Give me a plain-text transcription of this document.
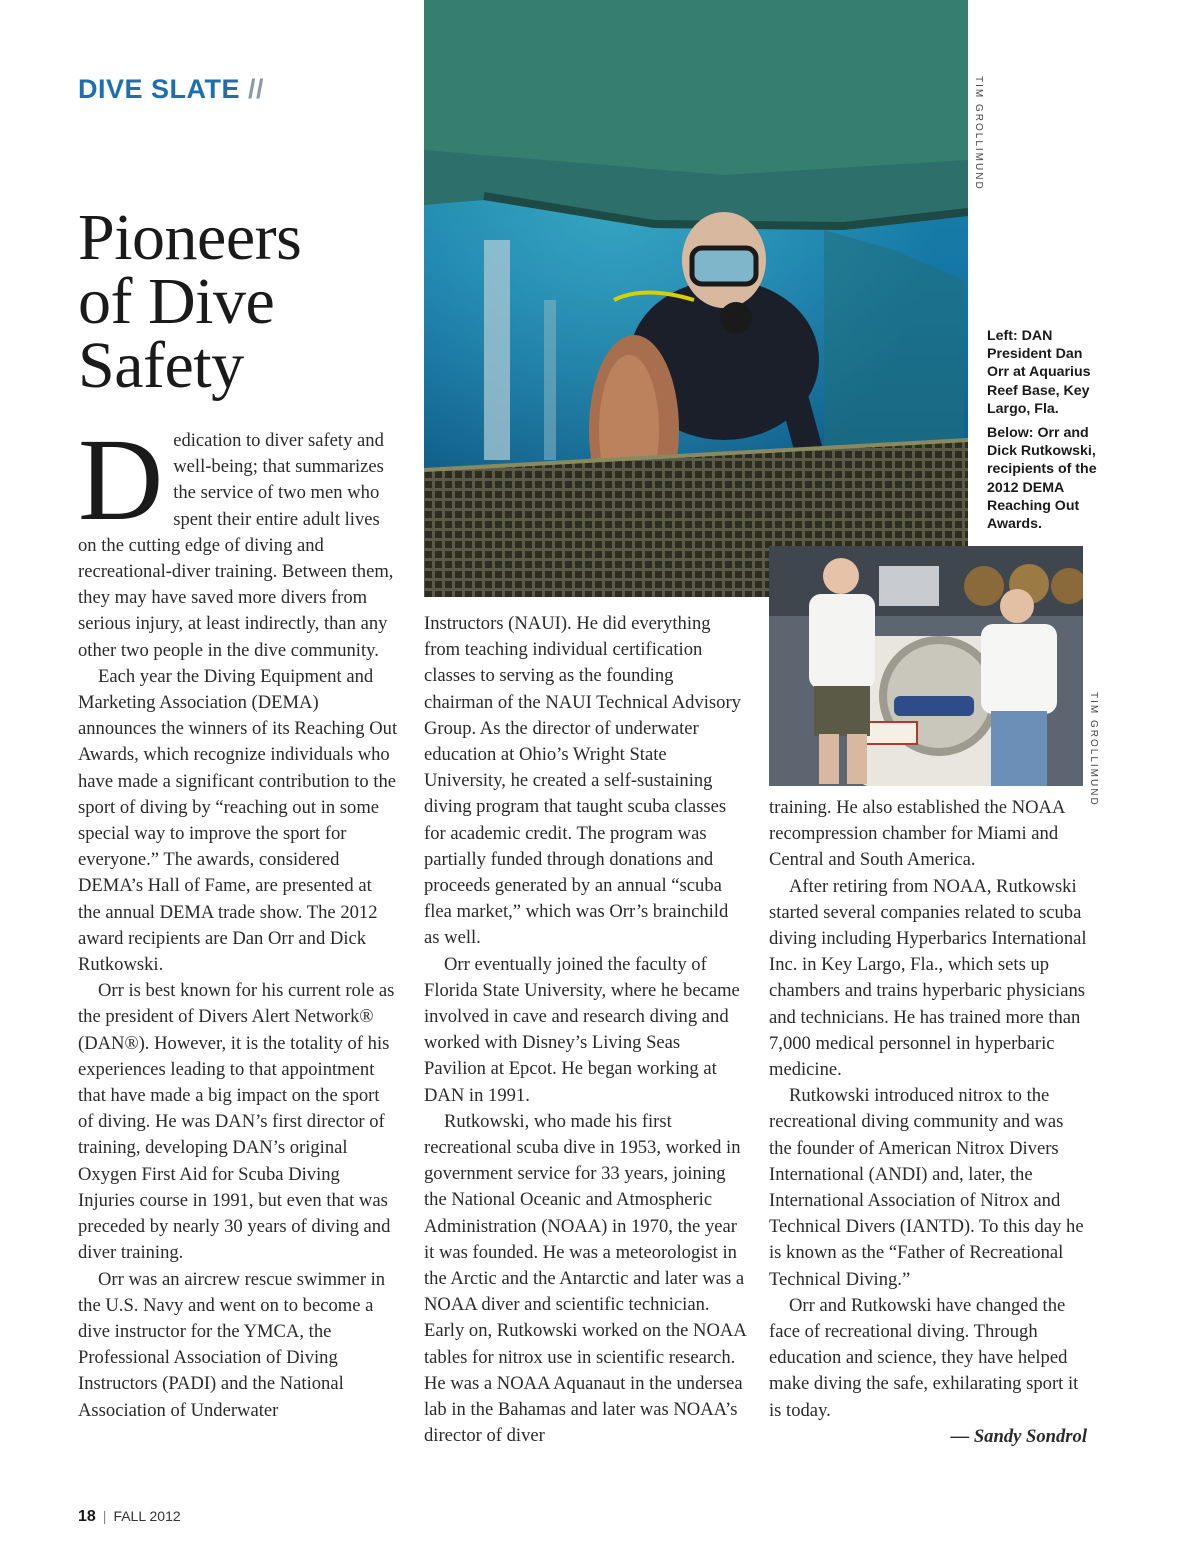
DIVE SLATE //
Pioneers
of Dive
Safety
TIM GROLLIMUND

Left: DAN President Dan Orr at Aquarius Reef Base, Key Largo, Fla.

Below: Orr and Dick Rutkowski, recipients of the 2012 DEMA Reaching Out Awards.

TIM GROLLIMUND

Dedication to diver safety and well-being; that summarizes the service of two men who spent their entire adult lives on the cutting edge of diving and recreational-diver training. Between them, they may have saved more divers from serious injury, at least indirectly, than any other two people in the dive community.

Each year the Diving Equipment and Marketing Association (DEMA) announces the winners of its Reaching Out Awards, which recognize individuals who have made a significant contribution to the sport of diving by “reaching out in some special way to improve the sport for everyone.” The awards, considered DEMA’s Hall of Fame, are presented at the annual DEMA trade show. The 2012 award recipients are Dan Orr and Dick Rutkowski.

Orr is best known for his current role as the president of Divers Alert Network® (DAN®). However, it is the totality of his experiences leading to that appointment that have made a big impact on the sport of diving. He was DAN’s first director of training, developing DAN’s original Oxygen First Aid for Scuba Diving Injuries course in 1991, but even that was preceded by nearly 30 years of diving and diver training.

Orr was an aircrew rescue swimmer in the U.S. Navy and went on to become a dive instructor for the YMCA, the Professional Association of Diving Instructors (PADI) and the National Association of Underwater

Instructors (NAUI). He did everything from teaching individual certification classes to serving as the founding chairman of the NAUI Technical Advisory Group. As the director of underwater education at Ohio’s Wright State University, he created a self-sustaining diving program that taught scuba classes for academic credit. The program was partially funded through donations and proceeds generated by an annual “scuba flea market,” which was Orr’s brainchild as well.

Orr eventually joined the faculty of Florida State University, where he became involved in cave and research diving and worked with Disney’s Living Seas Pavilion at Epcot. He began working at DAN in 1991.

Rutkowski, who made his first recreational scuba dive in 1953, worked in government service for 33 years, joining the National Oceanic and Atmospheric Administration (NOAA) in 1970, the year it was founded. He was a meteorologist in the Arctic and the Antarctic and later was a NOAA diver and scientific technician. Early on, Rutkowski worked on the NOAA tables for nitrox use in scientific research. He was a NOAA Aquanaut in the undersea lab in the Bahamas and later was NOAA’s director of diver

training. He also established the NOAA recompression chamber for Miami and Central and South America.

After retiring from NOAA, Rutkowski started several companies related to scuba diving including Hyperbarics International Inc. in Key Largo, Fla., which sets up chambers and trains hyperbaric physicians and technicians. He has trained more than 7,000 medical personnel in hyperbaric medicine.

Rutkowski introduced nitrox to the recreational diving community and was the founder of American Nitrox Divers International (ANDI) and, later, the International Association of Nitrox and Technical Divers (IANTD). To this day he is known as the “Father of Recreational Technical Diving.”

Orr and Rutkowski have changed the face of recreational diving. Through education and science, they have helped make diving the safe, exhilarating sport it is today.

— Sandy Sondrol

18 | FALL 2012
